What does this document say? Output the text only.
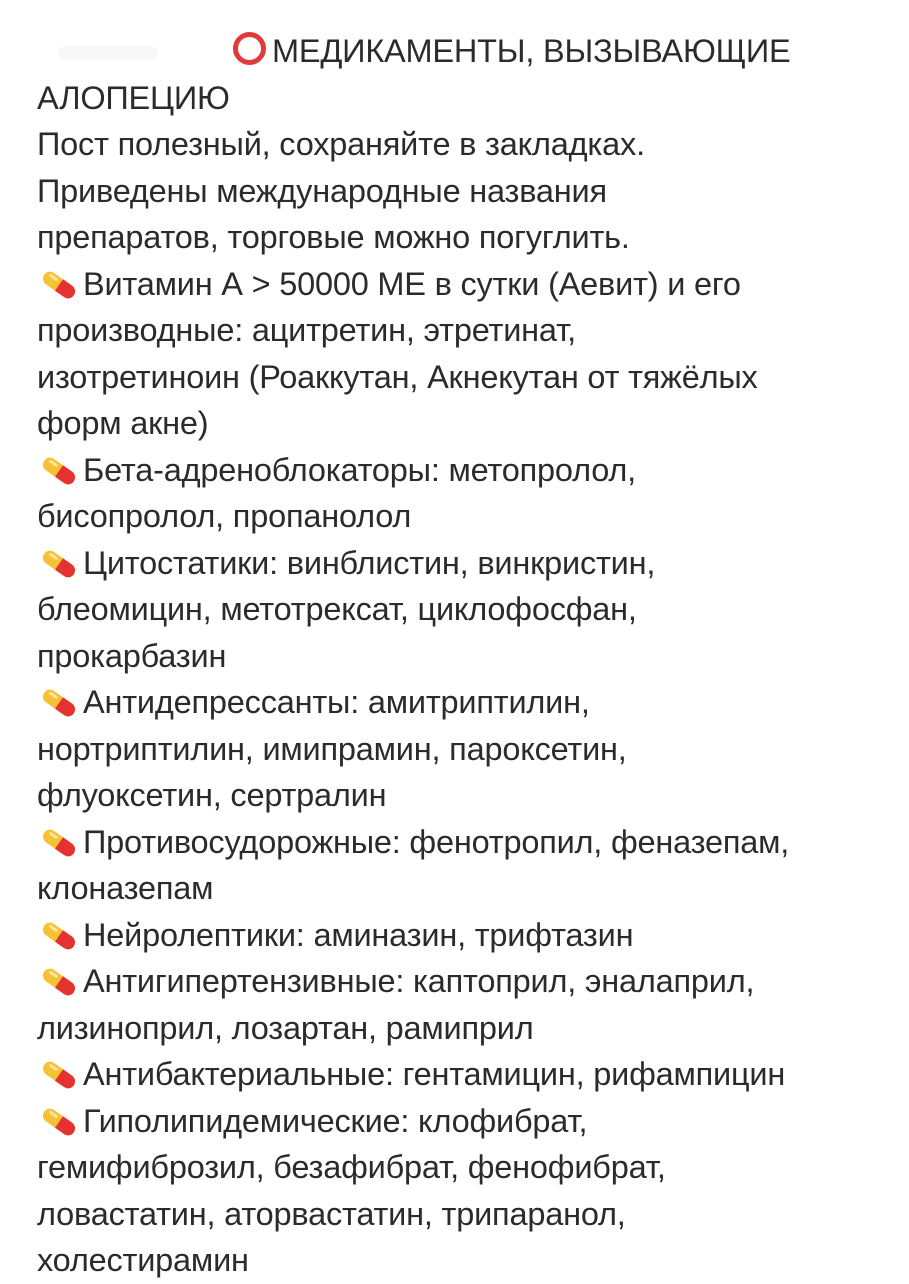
МЕДИКАМЕНТЫ, ВЫЗЫВАЮЩИЕ
АЛОПЕЦИЮ
Пост полезный, сохраняйте в закладках.
Приведены международные названия
препаратов, торговые можно погуглить.
Витамин А > 50000 МЕ в сутки (Аевит) и его
производные: ацитретин, этретинат,
изотретиноин (Роаккутан, Акнекутан от тяжёлых
форм акне)
Бета-адреноблокаторы: метопролол,
бисопролол, пропанолол
Цитостатики: винблистин, винкристин,
блеомицин, метотрексат, циклофосфан,
прокарбазин
Антидепрессанты: амитриптилин,
нортриптилин, имипрамин, пароксетин,
флуоксетин, сертралин
Противосудорожные: фенотропил, феназепам,
клоназепам
Нейролептики: аминазин, трифтазин
Антигипертензивные: каптоприл, эналаприл,
лизиноприл, лозартан, рамиприл
Антибактериальные: гентамицин, рифампицин
Гиполипидемические: клофибрат,
гемифиброзил, безафибрат, фенофибрат,
ловастатин, аторвастатин, трипаранол,
холестирамин
